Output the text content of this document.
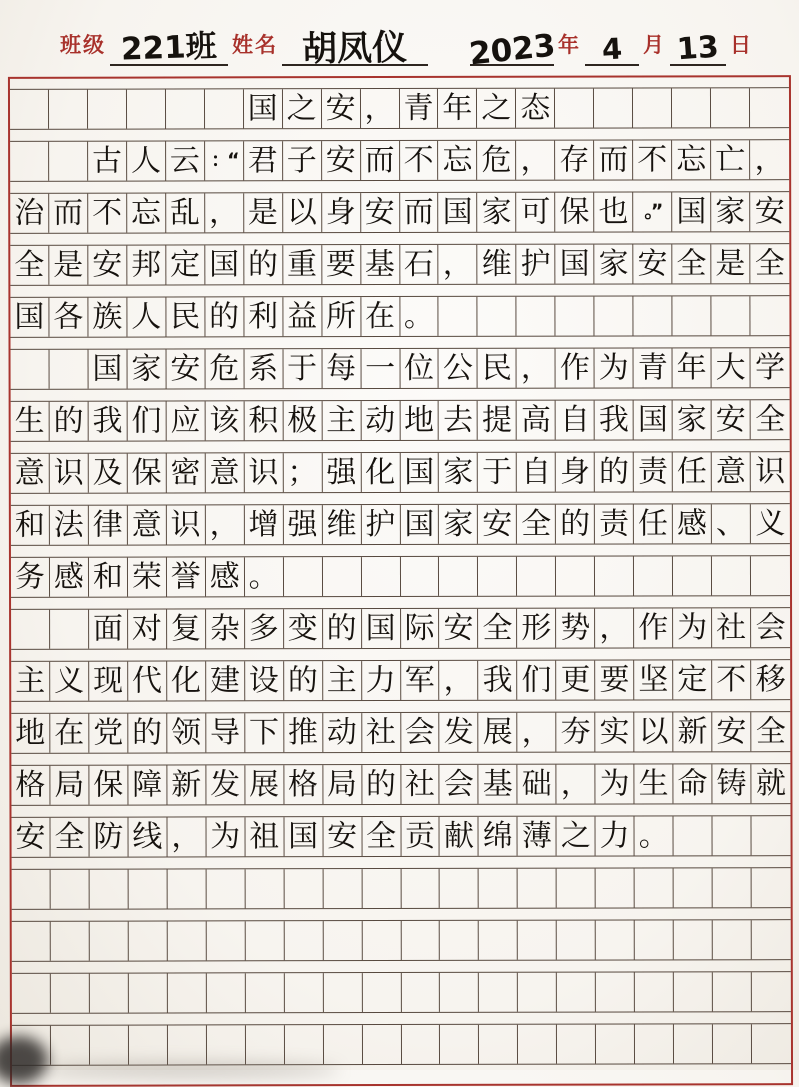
班级 221班 姓名 胡凤仪 2023 年 4 月 13 日
国 之 安 ， 青 年 之 态
古 人 云 ：“ 君 子 安 而 不 忘 危 ， 存 而 不 忘 亡 ，
治 而 不 忘 乱 ， 是 以 身 安 而 国 家 可 保 也 。” 国 家 安
全 是 安 邦 定 国 的 重 要 基 石 ， 维 护 国 家 安 全 是 全
国 各 族 人 民 的 利 益 所 在 。
国 家 安 危 系 于 每 一 位 公 民 ， 作 为 青 年 大 学
生 的 我 们 应 该 积 极 主 动 地 去 提 高 自 我 国 家 安 全
意 识 及 保 密 意 识 ； 强 化 国 家 于 自 身 的 责 任 意 识
和 法 律 意 识 ， 增 强 维 护 国 家 安 全 的 责 任 感 、 义
务 感 和 荣 誉 感 。
面 对 复 杂 多 变 的 国 际 安 全 形 势 ， 作 为 社 会
主 义 现 代 化 建 设 的 主 力 军 ， 我 们 更 要 坚 定 不 移
地 在 党 的 领 导 下 推 动 社 会 发 展 ， 夯 实 以 新 安 全
格 局 保 障 新 发 展 格 局 的 社 会 基 础 ， 为 生 命 铸 就
安 全 防 线 ， 为 祖 国 安 全 贡 献 绵 薄 之 力 。
